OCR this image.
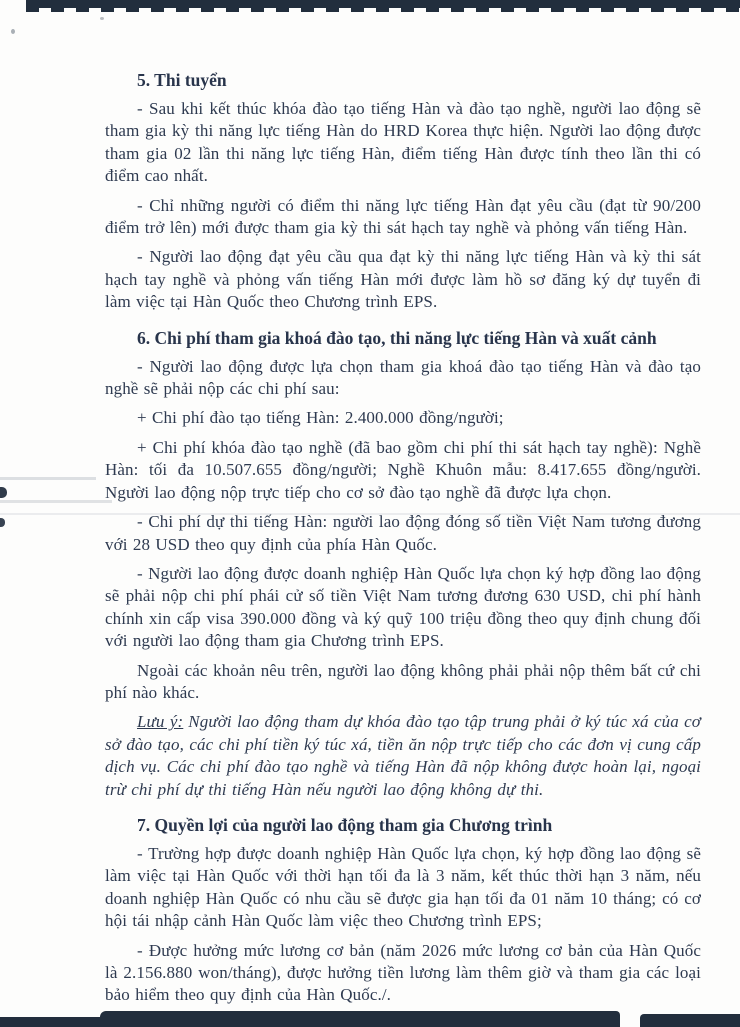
5. Thi tuyển

- Sau khi kết thúc khóa đào tạo tiếng Hàn và đào tạo nghề, người lao động sẽ tham gia kỳ thi năng lực tiếng Hàn do HRD Korea thực hiện. Người lao động được tham gia 02 lần thi năng lực tiếng Hàn, điểm tiếng Hàn được tính theo lần thi có điểm cao nhất.

- Chỉ những người có điểm thi năng lực tiếng Hàn đạt yêu cầu (đạt từ 90/200 điểm trở lên) mới được tham gia kỳ thi sát hạch tay nghề và phỏng vấn tiếng Hàn.

- Người lao động đạt yêu cầu qua đạt kỳ thi năng lực tiếng Hàn và kỳ thi sát hạch tay nghề và phỏng vấn tiếng Hàn mới được làm hồ sơ đăng ký dự tuyển đi làm việc tại Hàn Quốc theo Chương trình EPS.

6. Chi phí tham gia khoá đào tạo, thi năng lực tiếng Hàn và xuất cảnh

- Người lao động được lựa chọn tham gia khoá đào tạo tiếng Hàn và đào tạo nghề sẽ phải nộp các chi phí sau:

+ Chi phí đào tạo tiếng Hàn: 2.400.000 đồng/người;

+ Chi phí khóa đào tạo nghề (đã bao gồm chi phí thi sát hạch tay nghề): Nghề Hàn: tối đa 10.507.655 đồng/người; Nghề Khuôn mẫu: 8.417.655 đồng/người. Người lao động nộp trực tiếp cho cơ sở đào tạo nghề đã được lựa chọn.

- Chi phí dự thi tiếng Hàn: người lao động đóng số tiền Việt Nam tương đương với 28 USD theo quy định của phía Hàn Quốc.

- Người lao động được doanh nghiệp Hàn Quốc lựa chọn ký hợp đồng lao động sẽ phải nộp chi phí phái cử số tiền Việt Nam tương đương 630 USD, chi phí hành chính xin cấp visa 390.000 đồng và ký quỹ 100 triệu đồng theo quy định chung đối với người lao động tham gia Chương trình EPS.

Ngoài các khoản nêu trên, người lao động không phải phải nộp thêm bất cứ chi phí nào khác.

Lưu ý: Người lao động tham dự khóa đào tạo tập trung phải ở ký túc xá của cơ sở đào tạo, các chi phí tiền ký túc xá, tiền ăn nộp trực tiếp cho các đơn vị cung cấp dịch vụ. Các chi phí đào tạo nghề và tiếng Hàn đã nộp không được hoàn lại, ngoại trừ chi phí dự thi tiếng Hàn nếu người lao động không dự thi.

7. Quyền lợi của người lao động tham gia Chương trình

- Trường hợp được doanh nghiệp Hàn Quốc lựa chọn, ký hợp đồng lao động sẽ làm việc tại Hàn Quốc với thời hạn tối đa là 3 năm, kết thúc thời hạn 3 năm, nếu doanh nghiệp Hàn Quốc có nhu cầu sẽ được gia hạn tối đa 01 năm 10 tháng; có cơ hội tái nhập cảnh Hàn Quốc làm việc theo Chương trình EPS;

- Được hưởng mức lương cơ bản (năm 2026 mức lương cơ bản của Hàn Quốc là 2.156.880 won/tháng), được hưởng tiền lương làm thêm giờ và tham gia các loại bảo hiểm theo quy định của Hàn Quốc./.
